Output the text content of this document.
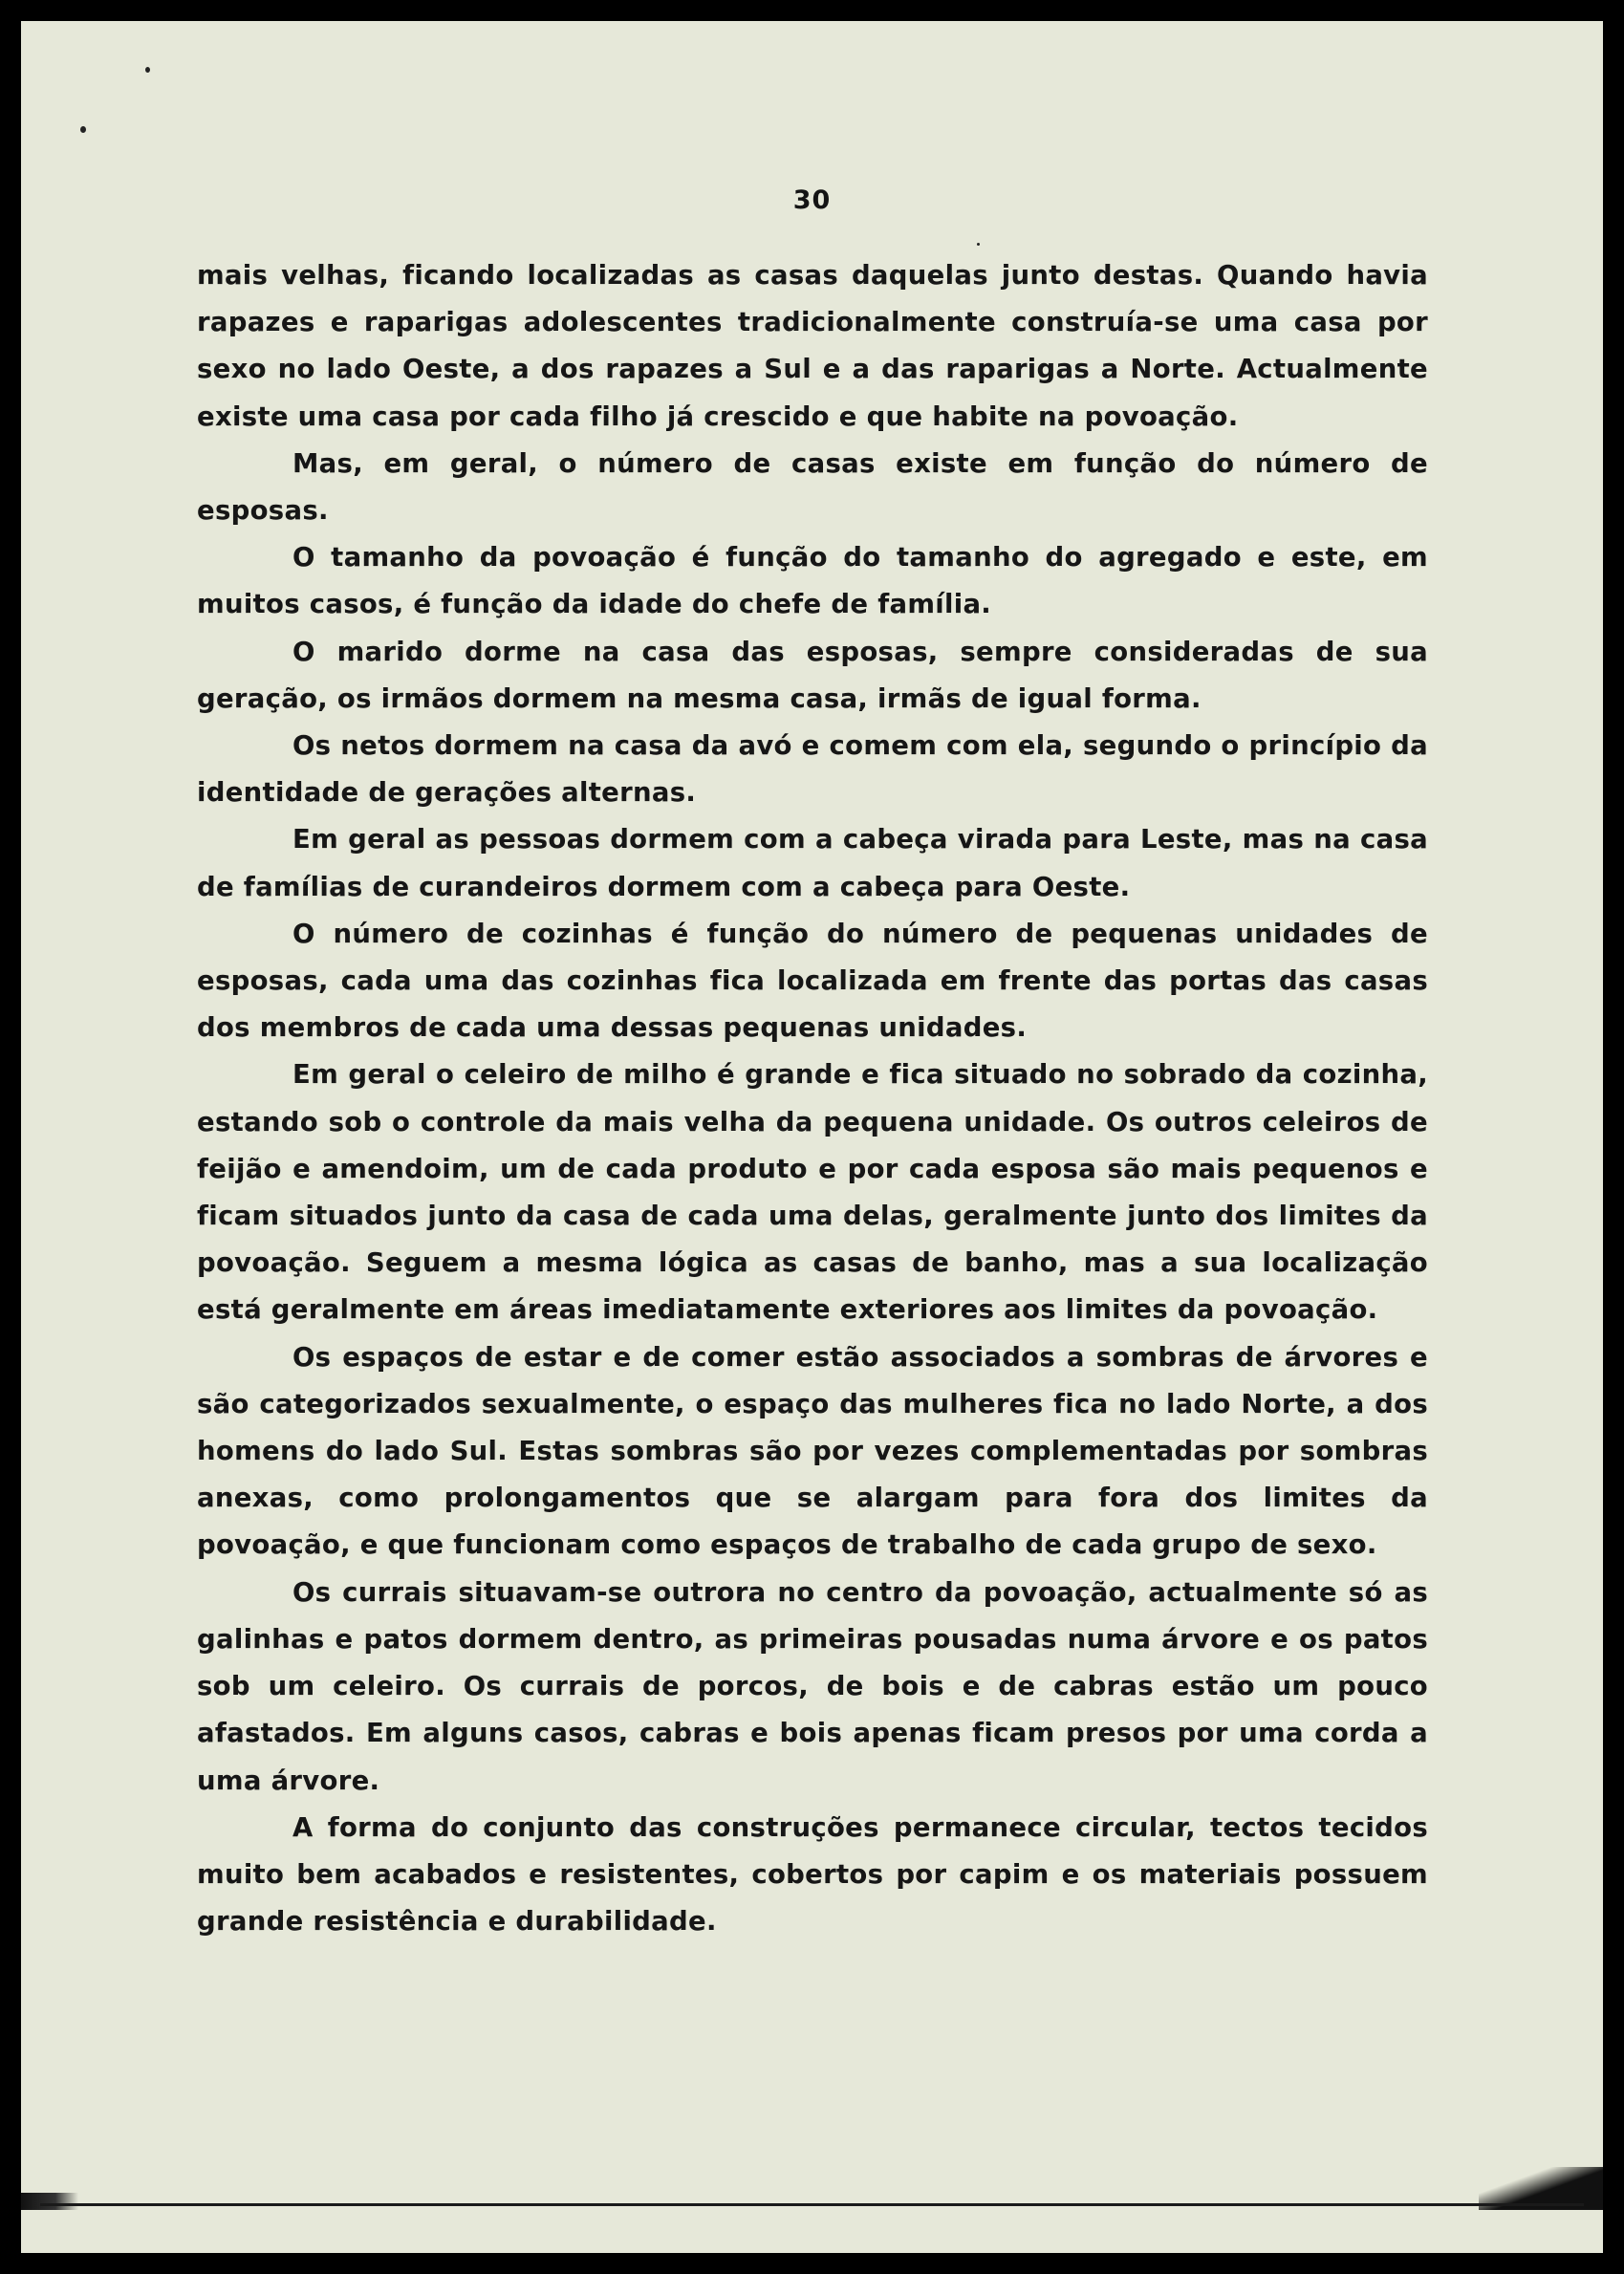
30

mais velhas, ficando localizadas as casas daquelas junto destas. Quando havia rapazes e raparigas adolescentes tradicionalmente construía-se uma casa por sexo no lado Oeste, a dos rapazes a Sul e a das raparigas a Norte. Actualmente existe uma casa por cada filho já crescido e que habite na povoação.

Mas, em geral, o número de casas existe em função do número de esposas.

O tamanho da povoação é função do tamanho do agregado e este, em muitos casos, é função da idade do chefe de família.

O marido dorme na casa das esposas, sempre consideradas de sua geração, os irmãos dormem na mesma casa, irmãs de igual forma.

Os netos dormem na casa da avó e comem com ela, segundo o princípio da identidade de gerações alternas.

Em geral as pessoas dormem com a cabeça virada para Leste, mas na casa de famílias de curandeiros dormem com a cabeça para Oeste.

O número de cozinhas é função do número de pequenas unidades de esposas, cada uma das cozinhas fica localizada em frente das portas das casas dos membros de cada uma dessas pequenas unidades.

Em geral o celeiro de milho é grande e fica situado no sobrado da cozinha, estando sob o controle da mais velha da pequena unidade. Os outros celeiros de feijão e amendoim, um de cada produto e por cada esposa são mais pequenos e ficam situados junto da casa de cada uma delas, geralmente junto dos limites da povoação. Seguem a mesma lógica as casas de banho, mas a sua localização está geralmente em áreas imediatamente exteriores aos limites da povoação.

Os espaços de estar e de comer estão associados a sombras de árvores e são categorizados sexualmente, o espaço das mulheres fica no lado Norte, a dos homens do lado Sul. Estas sombras são por vezes complementadas por sombras anexas, como prolongamentos que se alargam para fora dos limites da povoação, e que funcionam como espaços de trabalho de cada grupo de sexo.

Os currais situavam-se outrora no centro da povoação, actualmente só as galinhas e patos dormem dentro, as primeiras pousadas numa árvore e os patos sob um celeiro. Os currais de porcos, de bois e de cabras estão um pouco afastados. Em alguns casos, cabras e bois apenas ficam presos por uma corda a uma árvore.

A forma do conjunto das construções permanece circular, tectos tecidos muito bem acabados e resistentes, cobertos por capim e os materiais possuem grande resistência e durabilidade.
